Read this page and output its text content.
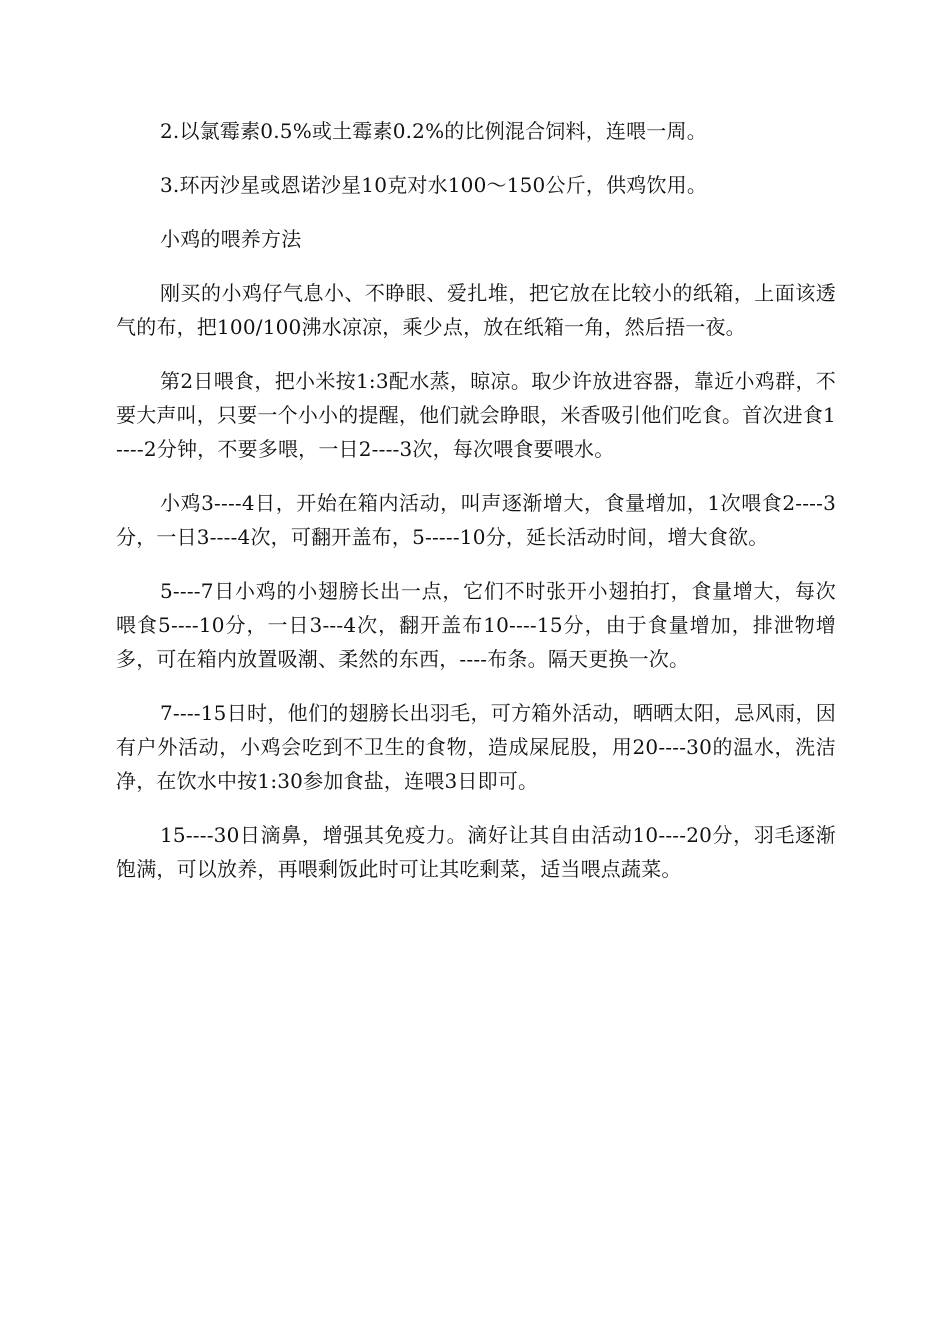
2.以氯霉素0.5%或土霉素0.2%的比例混合饲料，连喂一周。

3.环丙沙星或恩诺沙星10克对水100～150公斤，供鸡饮用。

小鸡的喂养方法

刚买的小鸡仔气息小、不睁眼、爱扎堆，把它放在比较小的纸箱，上面该透气的布，把100/100沸水凉凉，乘少点，放在纸箱一角，然后捂一夜。

第2日喂食，把小米按1:3配水蒸，晾凉。取少许放进容器，靠近小鸡群，不要大声叫，只要一个小小的提醒，他们就会睁眼，米香吸引他们吃食。首次进食1----2分钟，不要多喂，一日2----3次，每次喂食要喂水。

小鸡3----4日，开始在箱内活动，叫声逐渐增大，食量增加，1次喂食2----3分，一日3----4次，可翻开盖布，5-----10分，延长活动时间，增大食欲。

5----7日小鸡的小翅膀长出一点，它们不时张开小翅拍打，食量增大，每次喂食5----10分，一日3---4次，翻开盖布10----15分，由于食量增加，排泄物增多，可在箱内放置吸潮、柔然的东西，----布条。隔天更换一次。

7----15日时，他们的翅膀长出羽毛，可方箱外活动，晒晒太阳，忌风雨，因有户外活动，小鸡会吃到不卫生的食物，造成屎屁股，用20----30的温水，洗洁净，在饮水中按1:30参加食盐，连喂3日即可。

15----30日滴鼻，增强其免疫力。滴好让其自由活动10----20分，羽毛逐渐饱满，可以放养，再喂剩饭此时可让其吃剩菜，适当喂点蔬菜。
